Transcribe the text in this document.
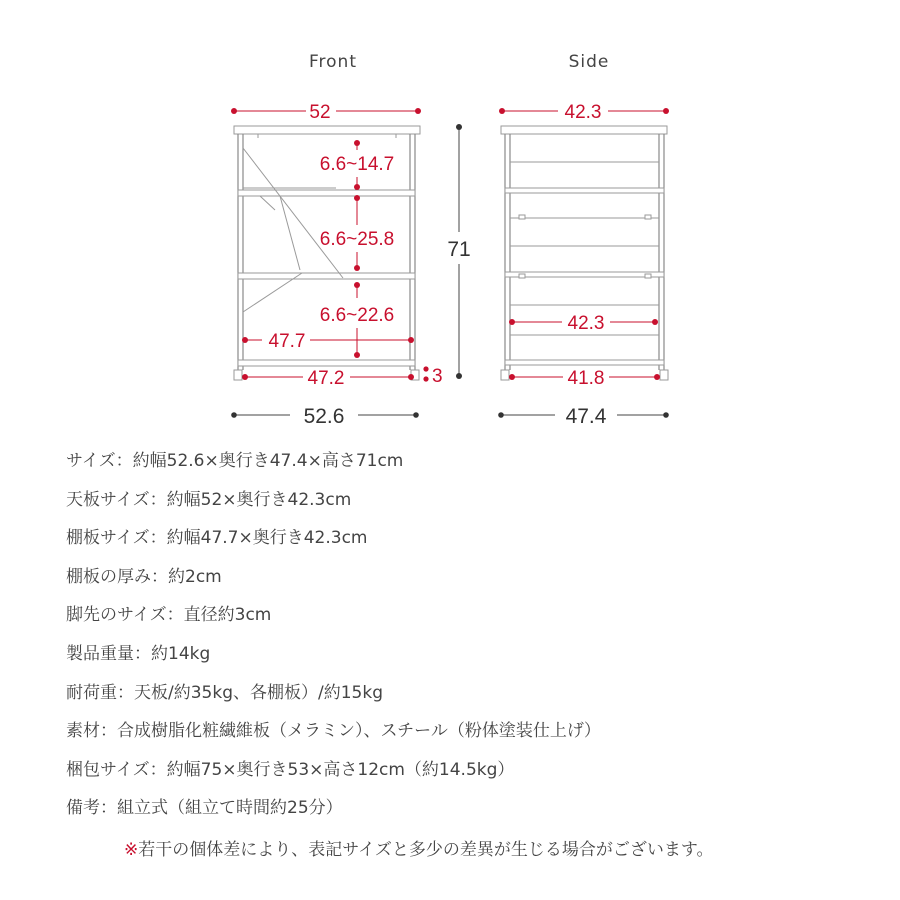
Front
52
6.6~14.7
6.6~25.8
6.6~22.6
47.7
47.2	3
71
52.6
Side
42.3
42.3
41.8
47.4
サイズ：約幅52.6×奥行き47.4×高さ71cm
天板サイズ：約幅52×奥行き42.3cm
棚板サイズ：約幅47.7×奥行き42.3cm
棚板の厚み：約2cm
脚先のサイズ：直径約3cm
製品重量：約14kg
耐荷重：天板/約35kg、各棚板）/約15kg
素材：合成樹脂化粧繊維板（メラミン）、スチール（粉体塗装仕上げ）
梱包サイズ：約幅75×奥行き53×高さ12cm（約14.5kg）
備考：組立式（組立て時間約25分）
※若干の個体差により、表記サイズと多少の差異が生じる場合がございます。
